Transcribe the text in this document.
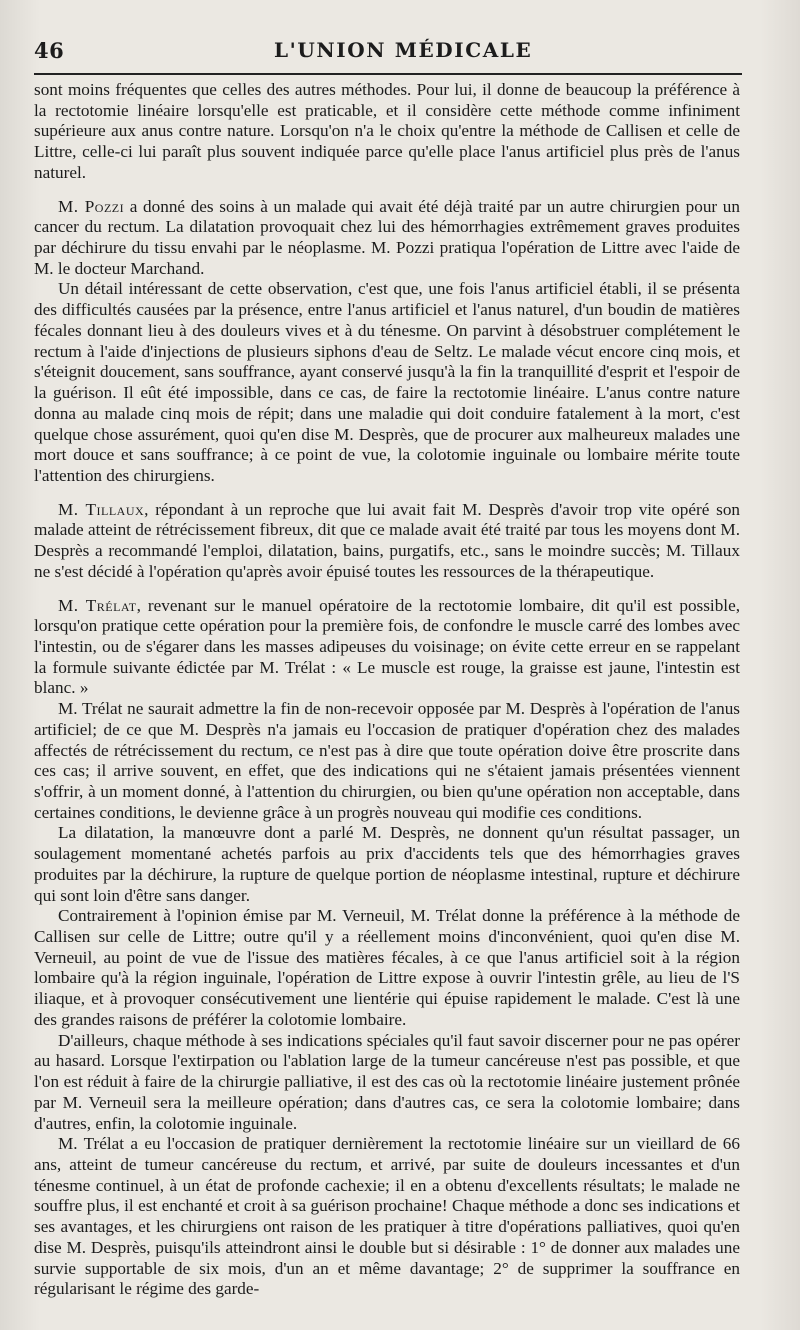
46	L'UNION MÉDICALE

sont moins fréquentes que celles des autres méthodes. Pour lui, il donne de beaucoup la préférence à la rectotomie linéaire lorsqu'elle est praticable, et il considère cette méthode comme infiniment supérieure aux anus contre nature. Lorsqu'on n'a le choix qu'entre la méthode de Callisen et celle de Littre, celle-ci lui paraît plus souvent indiquée parce qu'elle place l'anus artificiel plus près de l'anus naturel.

M. Pozzi a donné des soins à un malade qui avait été déjà traité par un autre chirurgien pour un cancer du rectum. La dilatation provoquait chez lui des hémorrhagies extrêmement graves produites par déchirure du tissu envahi par le néoplasme. M. Pozzi pratiqua l'opération de Littre avec l'aide de M. le docteur Marchand.

Un détail intéressant de cette observation, c'est que, une fois l'anus artificiel établi, il se présenta des difficultés causées par la présence, entre l'anus artificiel et l'anus naturel, d'un boudin de matières fécales donnant lieu à des douleurs vives et à du ténesme. On parvint à désobstruer complétement le rectum à l'aide d'injections de plusieurs siphons d'eau de Seltz. Le malade vécut encore cinq mois, et s'éteignit doucement, sans souffrance, ayant conservé jusqu'à la fin la tranquillité d'esprit et l'espoir de la guérison. Il eût été impossible, dans ce cas, de faire la rectotomie linéaire. L'anus contre nature donna au malade cinq mois de répit; dans une maladie qui doit conduire fatalement à la mort, c'est quelque chose assurément, quoi qu'en dise M. Desprès, que de procurer aux malheureux malades une mort douce et sans souffrance; à ce point de vue, la colotomie inguinale ou lombaire mérite toute l'attention des chirurgiens.

M. Tillaux, répondant à un reproche que lui avait fait M. Desprès d'avoir trop vite opéré son malade atteint de rétrécissement fibreux, dit que ce malade avait été traité par tous les moyens dont M. Desprès a recommandé l'emploi, dilatation, bains, purgatifs, etc., sans le moindre succès; M. Tillaux ne s'est décidé à l'opération qu'après avoir épuisé toutes les ressources de la thérapeutique.

M. Trélat, revenant sur le manuel opératoire de la rectotomie lombaire, dit qu'il est possible, lorsqu'on pratique cette opération pour la première fois, de confondre le muscle carré des lombes avec l'intestin, ou de s'égarer dans les masses adipeuses du voisinage; on évite cette erreur en se rappelant la formule suivante édictée par M. Trélat : « Le muscle est rouge, la graisse est jaune, l'intestin est blanc. »

M. Trélat ne saurait admettre la fin de non-recevoir opposée par M. Desprès à l'opération de l'anus artificiel; de ce que M. Desprès n'a jamais eu l'occasion de pratiquer d'opération chez des malades affectés de rétrécissement du rectum, ce n'est pas à dire que toute opération doive être proscrite dans ces cas; il arrive souvent, en effet, que des indications qui ne s'étaient jamais présentées viennent s'offrir, à un moment donné, à l'attention du chirurgien, ou bien qu'une opération non acceptable, dans certaines conditions, le devienne grâce à un progrès nouveau qui modifie ces conditions.

La dilatation, la manœuvre dont a parlé M. Desprès, ne donnent qu'un résultat passager, un soulagement momentané achetés parfois au prix d'accidents tels que des hémorrhagies graves produites par la déchirure, la rupture de quelque portion de néoplasme intestinal, rupture et déchirure qui sont loin d'être sans danger.

Contrairement à l'opinion émise par M. Verneuil, M. Trélat donne la préférence à la méthode de Callisen sur celle de Littre; outre qu'il y a réellement moins d'inconvénient, quoi qu'en dise M. Verneuil, au point de vue de l'issue des matières fécales, à ce que l'anus artificiel soit à la région lombaire qu'à la région inguinale, l'opération de Littre expose à ouvrir l'intestin grêle, au lieu de l'S iliaque, et à provoquer consécutivement une lientérie qui épuise rapidement le malade. C'est là une des grandes raisons de préférer la colotomie lombaire.

D'ailleurs, chaque méthode à ses indications spéciales qu'il faut savoir discerner pour ne pas opérer au hasard. Lorsque l'extirpation ou l'ablation large de la tumeur cancéreuse n'est pas possible, et que l'on est réduit à faire de la chirurgie palliative, il est des cas où la rectotomie linéaire justement prônée par M. Verneuil sera la meilleure opération; dans d'autres cas, ce sera la colotomie lombaire; dans d'autres, enfin, la colotomie inguinale.

M. Trélat a eu l'occasion de pratiquer dernièrement la rectotomie linéaire sur un vieillard de 66 ans, atteint de tumeur cancéreuse du rectum, et arrivé, par suite de douleurs incessantes et d'un ténesme continuel, à un état de profonde cachexie; il en a obtenu d'excellents résultats; le malade ne souffre plus, il est enchanté et croit à sa guérison prochaine! Chaque méthode a donc ses indications et ses avantages, et les chirurgiens ont raison de les pratiquer à titre d'opérations palliatives, quoi qu'en dise M. Desprès, puisqu'ils atteindront ainsi le double but si désirable : 1° de donner aux malades une survie supportable de six mois, d'un an et même davantage; 2° de supprimer la souffrance en régularisant le régime des garde-
